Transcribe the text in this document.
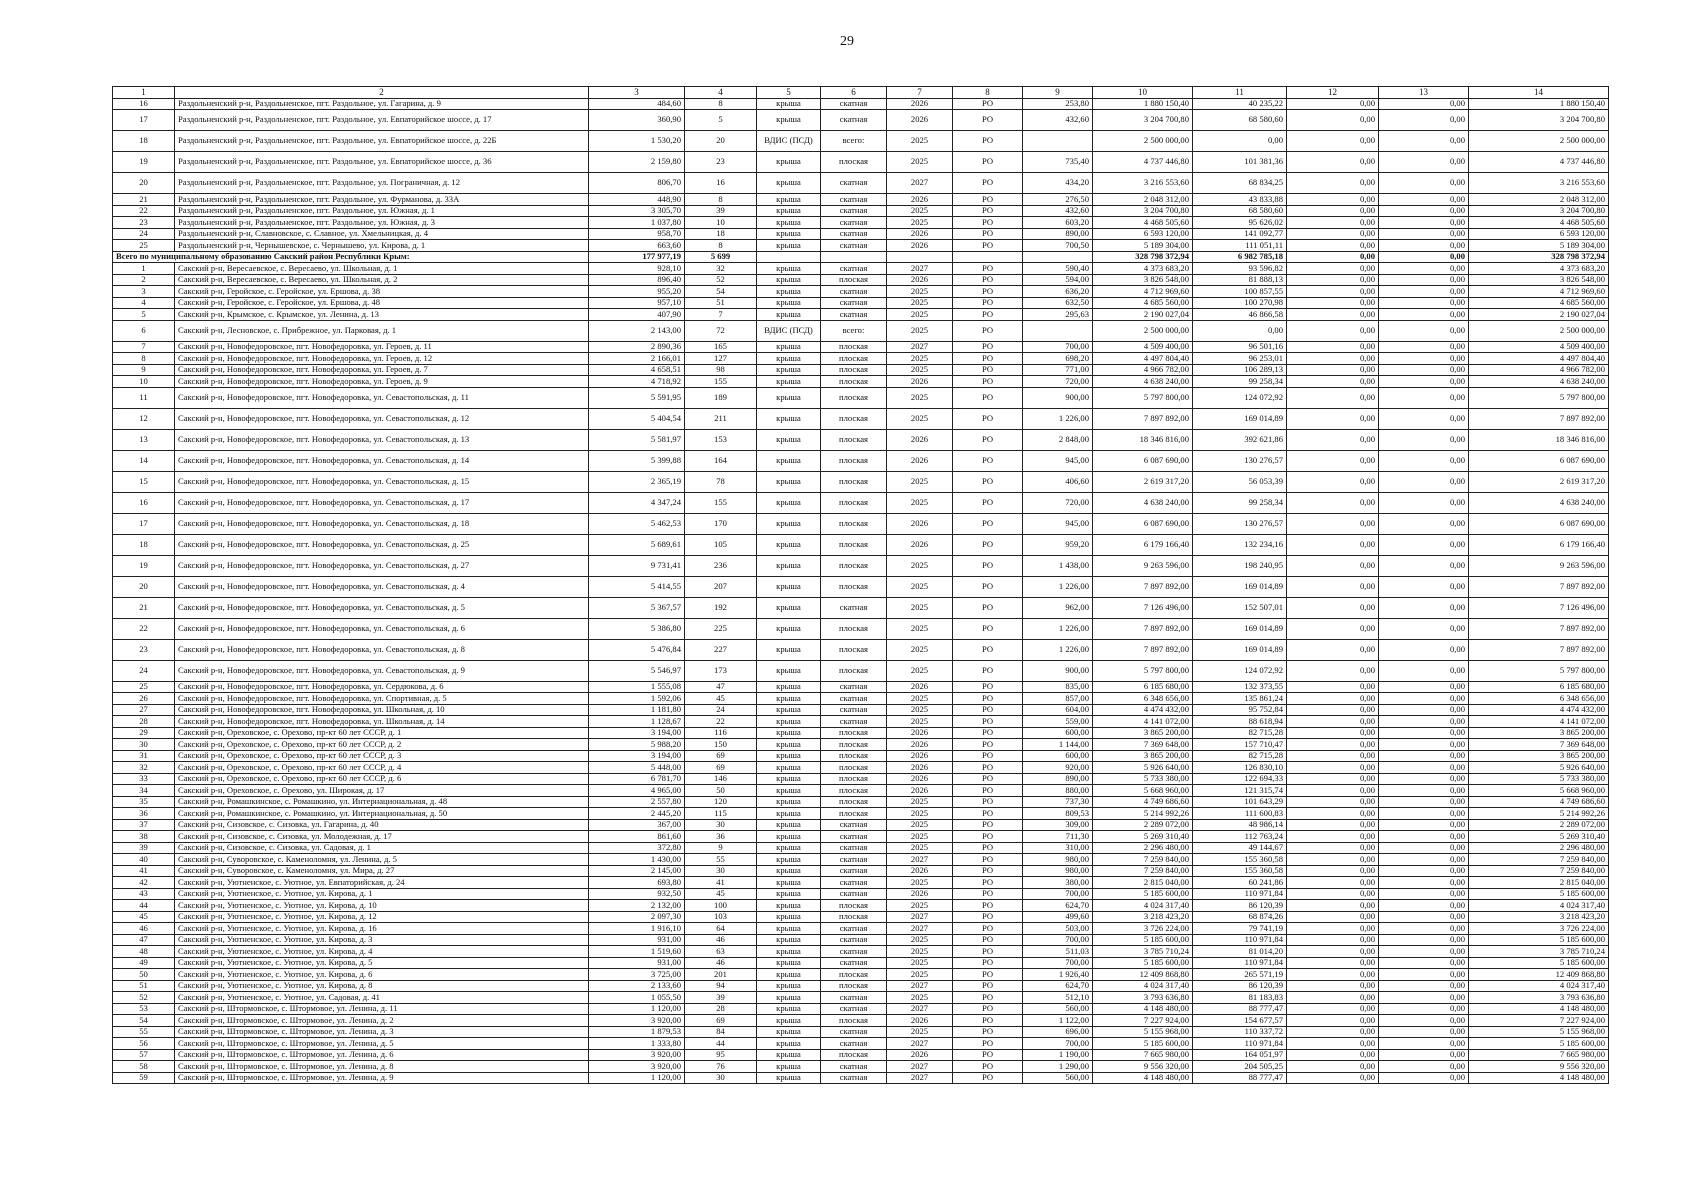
29
1	2	3	4	5	6	7	8	9	10	11	12	13	14
16	Раздольненский р-н, Раздольненское, пгт. Раздольное, ул. Гагарина, д. 9	484,60	8	крыша	скатная	2026	РО	253,80	1 880 150,40	40 235,22	0,00	0,00	1 880 150,40
17	Раздольненский р-н, Раздольненское, пгт. Раздольное, ул. Евпаторийское шоссе, д. 17	360,90	5	крыша	скатная	2026	РО	432,60	3 204 700,80	68 580,60	0,00	0,00	3 204 700,80
18	Раздольненский р-н, Раздольненское, пгт. Раздольное, ул. Евпаторийское шоссе, д. 22Б	1 530,20	20	ВДИС (ПСД)	всего:	2025	РО		2 500 000,00	0,00	0,00	0,00	2 500 000,00
19	Раздольненский р-н, Раздольненское, пгт. Раздольное, ул. Евпаторийское шоссе, д. 36	2 159,80	23	крыша	плоская	2025	РО	735,40	4 737 446,80	101 381,36	0,00	0,00	4 737 446,80
20	Раздольненский р-н, Раздольненское, пгт. Раздольное, ул. Пограничная, д. 12	806,70	16	крыша	скатная	2027	РО	434,20	3 216 553,60	68 834,25	0,00	0,00	3 216 553,60
21	Раздольненский р-н, Раздольненское, пгт. Раздольное, ул. Фурманова, д. 33А	448,90	8	крыша	скатная	2026	РО	276,50	2 048 312,00	43 833,88	0,00	0,00	2 048 312,00
22	Раздольненский р-н, Раздольненское, пгт. Раздольное, ул. Южная, д. 1	3 305,70	39	крыша	скатная	2025	РО	432,60	3 204 700,80	68 580,60	0,00	0,00	3 204 700,80
23	Раздольненский р-н, Раздольненское, пгт. Раздольное, ул. Южная, д. 3	1 037,80	10	крыша	скатная	2025	РО	603,20	4 468 505,60	95 626,02	0,00	0,00	4 468 505,60
24	Раздольненский р-н, Славновское, с. Славное, ул. Хмельницкая, д. 4	958,70	18	крыша	скатная	2026	РО	890,00	6 593 120,00	141 092,77	0,00	0,00	6 593 120,00
25	Раздольненский р-н, Чернышевское, с. Чернышево, ул. Кирова, д. 1	663,60	8	крыша	скатная	2026	РО	700,50	5 189 304,00	111 051,11	0,00	0,00	5 189 304,00
Всего по муниципальному образованию Сакский район Республики Крым:		177 977,19	5 699						328 798 372,94	6 982 785,18	0,00	0,00	328 798 372,94
1	Сакский р-н, Вересаевское, с. Вересаево, ул. Школьная, д. 1	928,10	32	крыша	скатная	2027	РО	590,40	4 373 683,20	93 596,82	0,00	0,00	4 373 683,20
2	Сакский р-н, Вересаевское, с. Вересаево, ул. Школьная, д. 2	896,40	52	крыша	плоская	2026	РО	594,00	3 826 548,00	81 888,13	0,00	0,00	3 826 548,00
3	Сакский р-н, Геройское, с. Геройское, ул. Ершова, д. 38	955,20	54	крыша	скатная	2025	РО	636,20	4 712 969,60	100 857,55	0,00	0,00	4 712 969,60
4	Сакский р-н, Геройское, с. Геройское, ул. Ершова, д. 48	957,10	51	крыша	скатная	2025	РО	632,50	4 685 560,00	100 270,98	0,00	0,00	4 685 560,00
5	Сакский р-н, Крымское, с. Крымское, ул. Ленина, д. 13	407,90	7	крыша	скатная	2025	РО	295,63	2 190 027,04	46 866,58	0,00	0,00	2 190 027,04
6	Сакский р-н, Лесновское, с. Прибрежное, ул. Парковая, д. 1	2 143,00	72	ВДИС (ПСД)	всего:	2025	РО		2 500 000,00	0,00	0,00	0,00	2 500 000,00
7	Сакский р-н, Новофедоровское, пгт. Новофедоровка, ул. Героев, д. 11	2 890,36	165	крыша	плоская	2027	РО	700,00	4 509 400,00	96 501,16	0,00	0,00	4 509 400,00
8	Сакский р-н, Новофедоровское, пгт. Новофедоровка, ул. Героев, д. 12	2 166,01	127	крыша	плоская	2025	РО	698,20	4 497 804,40	96 253,01	0,00	0,00	4 497 804,40
9	Сакский р-н, Новофедоровское, пгт. Новофедоровка, ул. Героев, д. 7	4 658,51	98	крыша	плоская	2025	РО	771,00	4 966 782,00	106 289,13	0,00	0,00	4 966 782,00
10	Сакский р-н, Новофедоровское, пгт. Новофедоровка, ул. Героев, д. 9	4 718,92	155	крыша	плоская	2026	РО	720,00	4 638 240,00	99 258,34	0,00	0,00	4 638 240,00
11	Сакский р-н, Новофедоровское, пгт. Новофедоровка, ул. Севастопольская, д. 11	5 591,95	189	крыша	плоская	2025	РО	900,00	5 797 800,00	124 072,92	0,00	0,00	5 797 800,00
12	Сакский р-н, Новофедоровское, пгт. Новофедоровка, ул. Севастопольская, д. 12	5 404,54	211	крыша	плоская	2025	РО	1 226,00	7 897 892,00	169 014,89	0,00	0,00	7 897 892,00
13	Сакский р-н, Новофедоровское, пгт. Новофедоровка, ул. Севастопольская, д. 13	5 581,97	153	крыша	плоская	2026	РО	2 848,00	18 346 816,00	392 621,86	0,00	0,00	18 346 816,00
14	Сакский р-н, Новофедоровское, пгт. Новофедоровка, ул. Севастопольская, д. 14	5 399,88	164	крыша	плоская	2026	РО	945,00	6 087 690,00	130 276,57	0,00	0,00	6 087 690,00
15	Сакский р-н, Новофедоровское, пгт. Новофедоровка, ул. Севастопольская, д. 15	2 365,19	78	крыша	плоская	2025	РО	406,60	2 619 317,20	56 053,39	0,00	0,00	2 619 317,20
16	Сакский р-н, Новофедоровское, пгт. Новофедоровка, ул. Севастопольская, д. 17	4 347,24	155	крыша	плоская	2025	РО	720,00	4 638 240,00	99 258,34	0,00	0,00	4 638 240,00
17	Сакский р-н, Новофедоровское, пгт. Новофедоровка, ул. Севастопольская, д. 18	5 462,53	170	крыша	плоская	2026	РО	945,00	6 087 690,00	130 276,57	0,00	0,00	6 087 690,00
18	Сакский р-н, Новофедоровское, пгт. Новофедоровка, ул. Севастопольская, д. 25	5 689,61	105	крыша	плоская	2026	РО	959,20	6 179 166,40	132 234,16	0,00	0,00	6 179 166,40
19	Сакский р-н, Новофедоровское, пгт. Новофедоровка, ул. Севастопольская, д. 27	9 731,41	236	крыша	плоская	2025	РО	1 438,00	9 263 596,00	198 240,95	0,00	0,00	9 263 596,00
20	Сакский р-н, Новофедоровское, пгт. Новофедоровка, ул. Севастопольская, д. 4	5 414,55	207	крыша	плоская	2025	РО	1 226,00	7 897 892,00	169 014,89	0,00	0,00	7 897 892,00
21	Сакский р-н, Новофедоровское, пгт. Новофедоровка, ул. Севастопольская, д. 5	5 367,57	192	крыша	скатная	2025	РО	962,00	7 126 496,00	152 507,01	0,00	0,00	7 126 496,00
22	Сакский р-н, Новофедоровское, пгт. Новофедоровка, ул. Севастопольская, д. 6	5 386,80	225	крыша	плоская	2025	РО	1 226,00	7 897 892,00	169 014,89	0,00	0,00	7 897 892,00
23	Сакский р-н, Новофедоровское, пгт. Новофедоровка, ул. Севастопольская, д. 8	5 476,84	227	крыша	плоская	2025	РО	1 226,00	7 897 892,00	169 014,89	0,00	0,00	7 897 892,00
24	Сакский р-н, Новофедоровское, пгт. Новофедоровка, ул. Севастопольская, д. 9	5 546,97	173	крыша	плоская	2025	РО	900,00	5 797 800,00	124 072,92	0,00	0,00	5 797 800,00
25	Сакский р-н, Новофедоровское, пгт. Новофедоровка, ул. Сердюкова, д. 6	1 555,08	47	крыша	скатная	2026	РО	835,00	6 185 680,00	132 373,55	0,00	0,00	6 185 680,00
26	Сакский р-н, Новофедоровское, пгт. Новофедоровка, ул. Спортивная, д. 5	1 592,06	45	крыша	скатная	2025	РО	857,00	6 348 656,00	135 861,24	0,00	0,00	6 348 656,00
27	Сакский р-н, Новофедоровское, пгт. Новофедоровка, ул. Школьная, д. 10	1 181,80	24	крыша	скатная	2025	РО	604,00	4 474 432,00	95 752,84	0,00	0,00	4 474 432,00
28	Сакский р-н, Новофедоровское, пгт. Новофедоровка, ул. Школьная, д. 14	1 128,67	22	крыша	скатная	2025	РО	559,00	4 141 072,00	88 618,94	0,00	0,00	4 141 072,00
29	Сакский р-н, Ореховское, с. Орехово, пр-кт 60 лет СССР, д. 1	3 194,00	116	крыша	плоская	2026	РО	600,00	3 865 200,00	82 715,28	0,00	0,00	3 865 200,00
30	Сакский р-н, Ореховское, с. Орехово, пр-кт 60 лет СССР, д. 2	5 988,20	150	крыша	плоская	2026	РО	1 144,00	7 369 648,00	157 710,47	0,00	0,00	7 369 648,00
31	Сакский р-н, Ореховское, с. Орехово, пр-кт 60 лет СССР, д. 3	3 194,00	69	крыша	плоская	2026	РО	600,00	3 865 200,00	82 715,28	0,00	0,00	3 865 200,00
32	Сакский р-н, Ореховское, с. Орехово, пр-кт 60 лет СССР, д. 4	5 448,00	69	крыша	плоская	2026	РО	920,00	5 926 640,00	126 830,10	0,00	0,00	5 926 640,00
33	Сакский р-н, Ореховское, с. Орехово, пр-кт 60 лет СССР, д. 6	6 781,70	146	крыша	плоская	2026	РО	890,00	5 733 380,00	122 694,33	0,00	0,00	5 733 380,00
34	Сакский р-н, Ореховское, с. Орехово, ул. Широкая, д. 17	4 965,00	50	крыша	плоская	2026	РО	880,00	5 668 960,00	121 315,74	0,00	0,00	5 668 960,00
35	Сакский р-н, Ромашкинское, с. Ромашкино, ул. Интернациональная, д. 48	2 557,80	120	крыша	плоская	2025	РО	737,30	4 749 686,60	101 643,29	0,00	0,00	4 749 686,60
36	Сакский р-н, Ромашкинское, с. Ромашкино, ул. Интернациональная, д. 50	2 445,20	115	крыша	плоская	2025	РО	809,53	5 214 992,26	111 600,83	0,00	0,00	5 214 992,26
37	Сакский р-н, Сизовское, с. Сизовка, ул. Гагарина, д. 40	367,00	30	крыша	скатная	2025	РО	309,00	2 289 072,00	48 986,14	0,00	0,00	2 289 072,00
38	Сакский р-н, Сизовское, с. Сизовка, ул. Молодежная, д. 17	861,60	36	крыша	скатная	2025	РО	711,30	5 269 310,40	112 763,24	0,00	0,00	5 269 310,40
39	Сакский р-н, Сизовское, с. Сизовка, ул. Садовая, д. 1	372,80	9	крыша	скатная	2025	РО	310,00	2 296 480,00	49 144,67	0,00	0,00	2 296 480,00
40	Сакский р-н, Суворовское, с. Каменоломня, ул. Ленина, д. 5	1 430,00	55	крыша	скатная	2027	РО	980,00	7 259 840,00	155 360,58	0,00	0,00	7 259 840,00
41	Сакский р-н, Суворовское, с. Каменоломня, ул. Мира, д. 27	2 145,00	30	крыша	скатная	2026	РО	980,00	7 259 840,00	155 360,58	0,00	0,00	7 259 840,00
42	Сакский р-н, Уютненское, с. Уютное, ул. Евпаторийская, д. 24	693,80	41	крыша	скатная	2025	РО	380,00	2 815 040,00	60 241,86	0,00	0,00	2 815 040,00
43	Сакский р-н, Уютненское, с. Уютное, ул. Кирова, д. 1	932,50	45	крыша	скатная	2026	РО	700,00	5 185 600,00	110 971,84	0,00	0,00	5 185 600,00
44	Сакский р-н, Уютненское, с. Уютное, ул. Кирова, д. 10	2 132,00	100	крыша	плоская	2025	РО	624,70	4 024 317,40	86 120,39	0,00	0,00	4 024 317,40
45	Сакский р-н, Уютненское, с. Уютное, ул. Кирова, д. 12	2 097,30	103	крыша	плоская	2027	РО	499,60	3 218 423,20	68 874,26	0,00	0,00	3 218 423,20
46	Сакский р-н, Уютненское, с. Уютное, ул. Кирова, д. 16	1 916,10	64	крыша	скатная	2027	РО	503,00	3 726 224,00	79 741,19	0,00	0,00	3 726 224,00
47	Сакский р-н, Уютненское, с. Уютное, ул. Кирова, д. 3	931,00	46	крыша	скатная	2025	РО	700,00	5 185 600,00	110 971,84	0,00	0,00	5 185 600,00
48	Сакский р-н, Уютненское, с. Уютное, ул. Кирова, д. 4	1 519,60	63	крыша	скатная	2025	РО	511,03	3 785 710,24	81 014,20	0,00	0,00	3 785 710,24
49	Сакский р-н, Уютненское, с. Уютное, ул. Кирова, д. 5	931,00	46	крыша	скатная	2025	РО	700,00	5 185 600,00	110 971,84	0,00	0,00	5 185 600,00
50	Сакский р-н, Уютненское, с. Уютное, ул. Кирова, д. 6	3 725,00	201	крыша	плоская	2025	РО	1 926,40	12 409 868,80	265 571,19	0,00	0,00	12 409 868,80
51	Сакский р-н, Уютненское, с. Уютное, ул. Кирова, д. 8	2 133,60	94	крыша	плоская	2027	РО	624,70	4 024 317,40	86 120,39	0,00	0,00	4 024 317,40
52	Сакский р-н, Уютненское, с. Уютное, ул. Садовая, д. 41	1 055,50	39	крыша	скатная	2025	РО	512,10	3 793 636,80	81 183,83	0,00	0,00	3 793 636,80
53	Сакский р-н, Штормовское, с. Штормовое, ул. Ленина, д. 11	1 120,00	28	крыша	скатная	2027	РО	560,00	4 148 480,00	88 777,47	0,00	0,00	4 148 480,00
54	Сакский р-н, Штормовское, с. Штормовое, ул. Ленина, д. 2	3 920,00	69	крыша	плоская	2026	РО	1 122,00	7 227 924,00	154 677,57	0,00	0,00	7 227 924,00
55	Сакский р-н, Штормовское, с. Штормовое, ул. Ленина, д. 3	1 879,53	84	крыша	скатная	2025	РО	696,00	5 155 968,00	110 337,72	0,00	0,00	5 155 968,00
56	Сакский р-н, Штормовское, с. Штормовое, ул. Ленина, д. 5	1 333,80	44	крыша	скатная	2027	РО	700,00	5 185 600,00	110 971,84	0,00	0,00	5 185 600,00
57	Сакский р-н, Штормовское, с. Штормовое, ул. Ленина, д. 6	3 920,00	95	крыша	плоская	2026	РО	1 190,00	7 665 980,00	164 051,97	0,00	0,00	7 665 980,00
58	Сакский р-н, Штормовское, с. Штормовое, ул. Ленина, д. 8	3 920,00	76	крыша	скатная	2027	РО	1 290,00	9 556 320,00	204 505,25	0,00	0,00	9 556 320,00
59	Сакский р-н, Штормовское, с. Штормовое, ул. Ленина, д. 9	1 120,00	30	крыша	скатная	2027	РО	560,00	4 148 480,00	88 777,47	0,00	0,00	4 148 480,00
